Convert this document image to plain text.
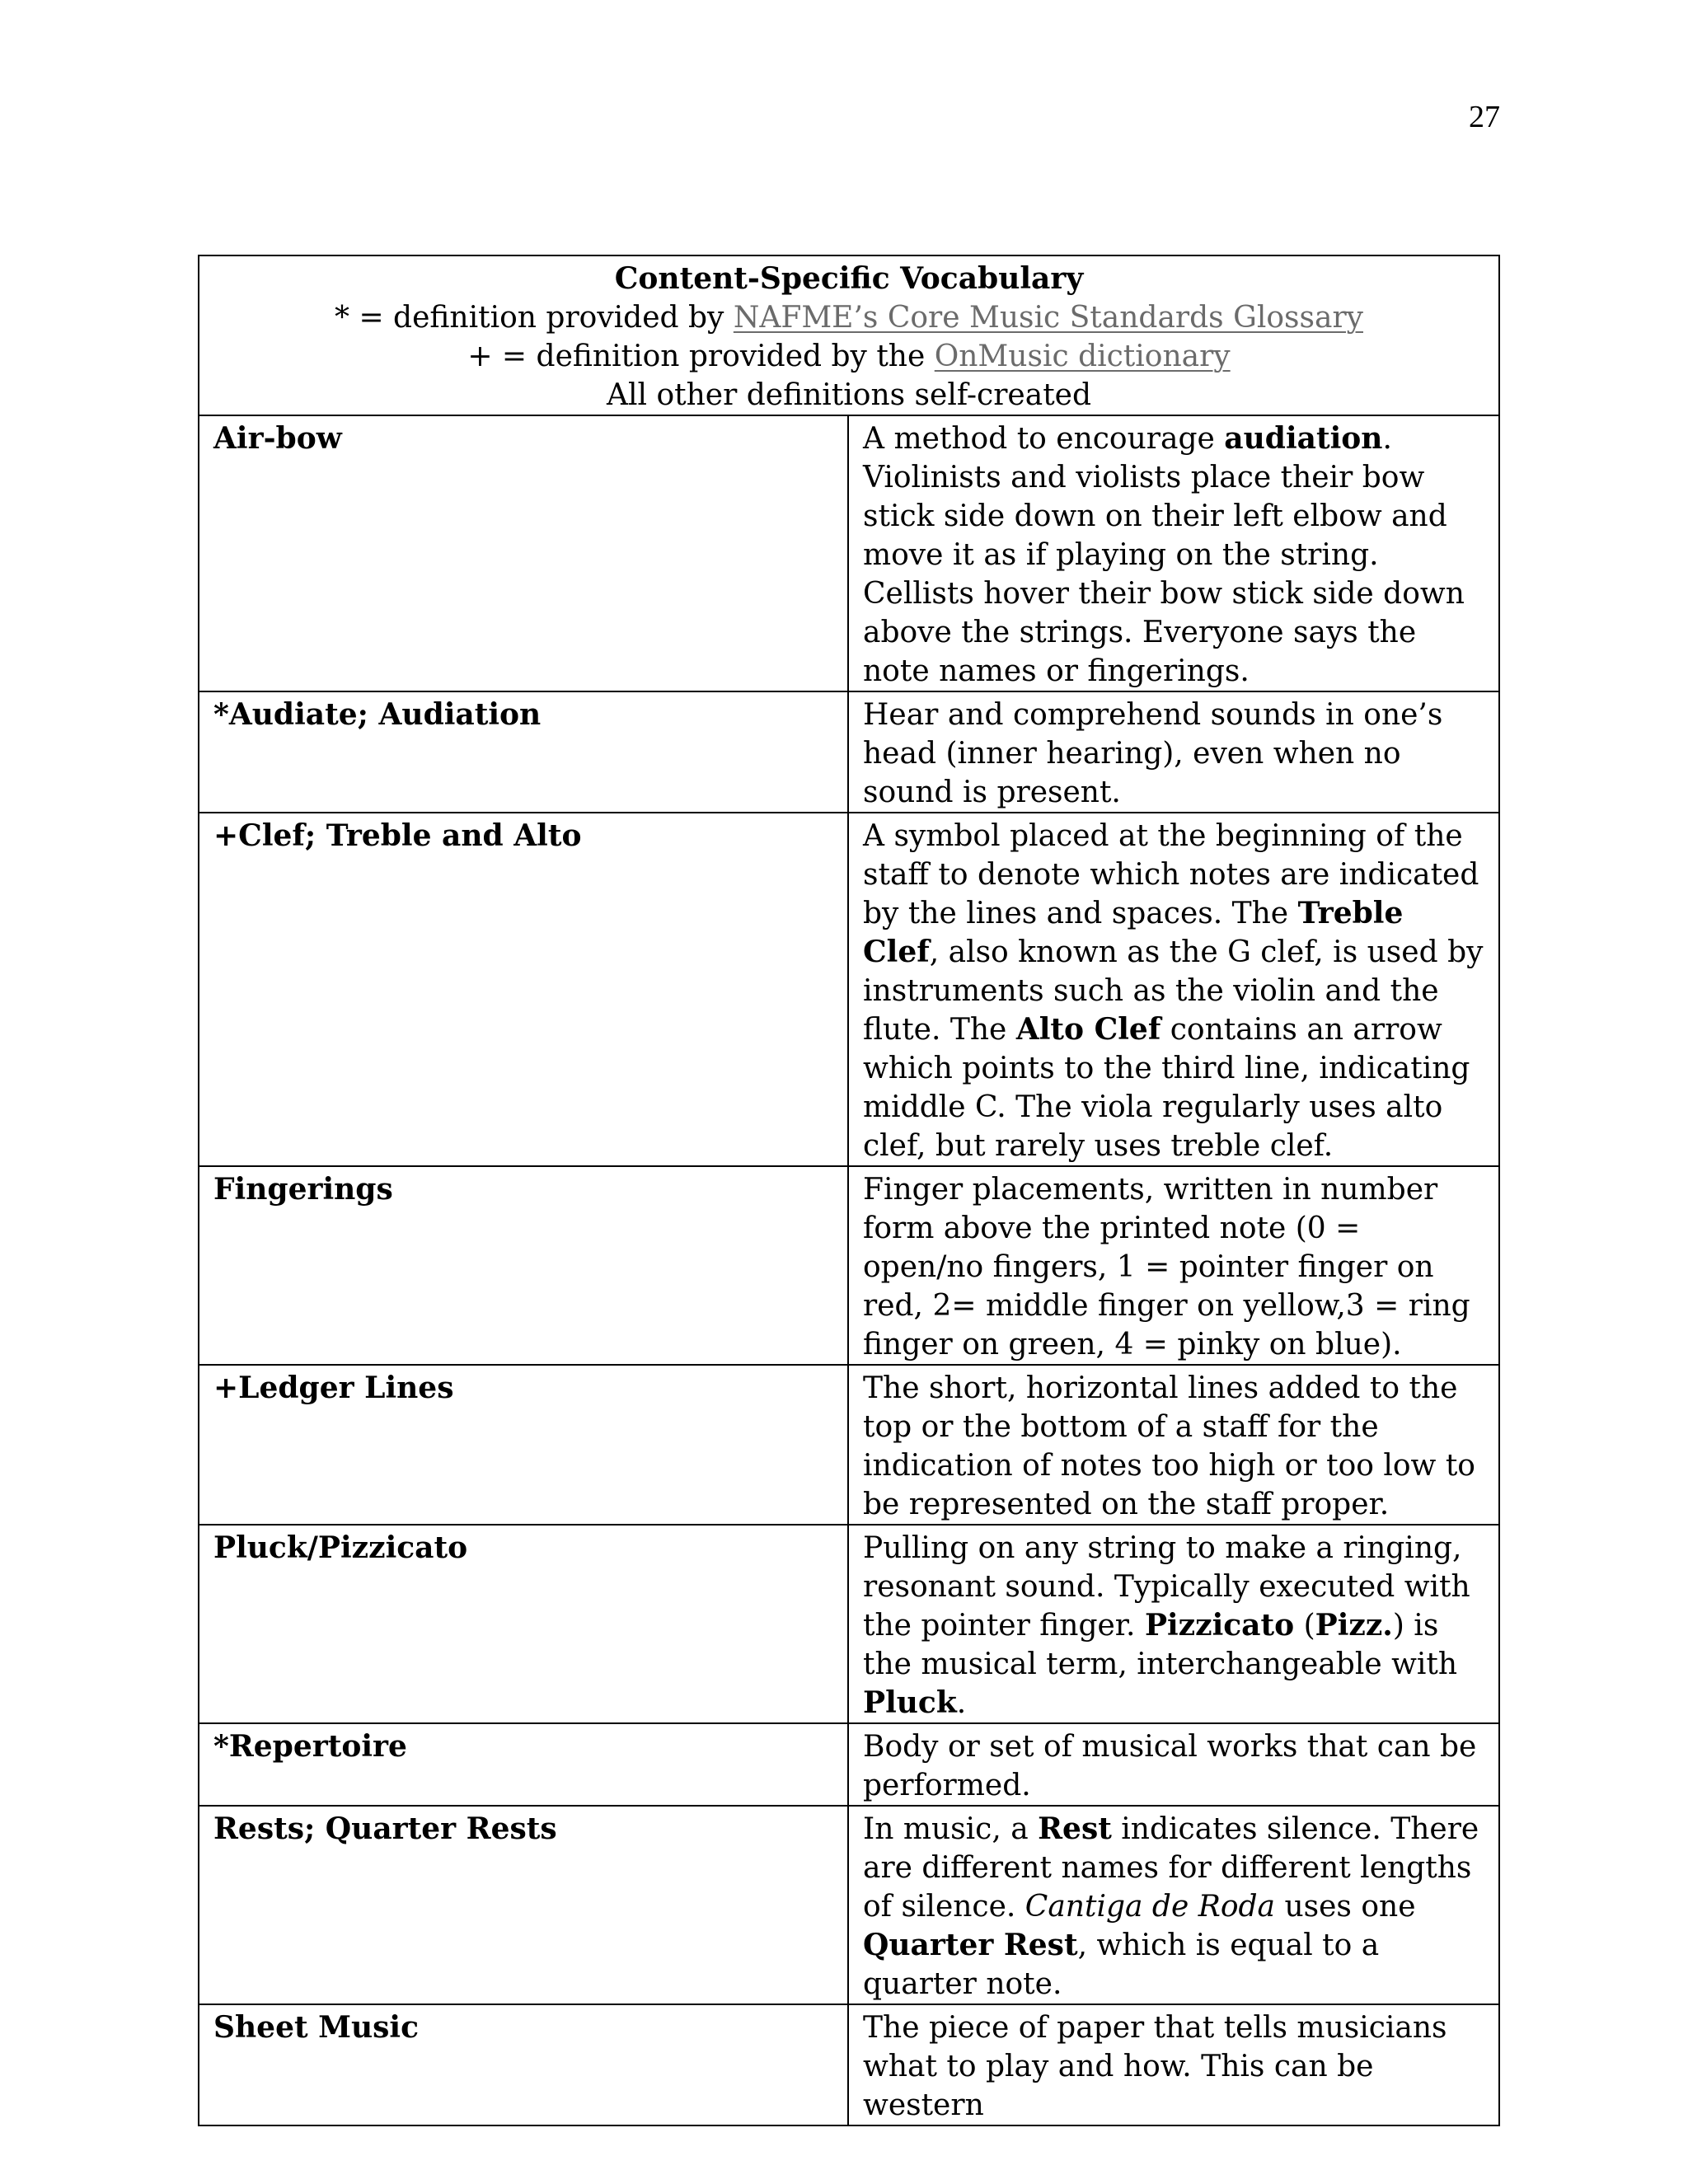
27
Content-Specific Vocabulary
* = definition provided by NAFME’s Core Music Standards Glossary
+ = definition provided by the OnMusic dictionary
All other definitions self-created	

Air-bow	A method to encourage audiation. Violinists and violists place their bow stick side down on their left elbow and move it as if playing on the string. Cellists hover their bow stick side down above the strings. Everyone says the note names or fingerings.
*Audiate; Audiation	Hear and comprehend sounds in one’s head (inner hearing), even when no sound is present.
+Clef; Treble and Alto	A symbol placed at the beginning of the staff to denote which notes are indicated by the lines and spaces. The Treble Clef, also known as the G clef, is used by instruments such as the violin and the flute. The Alto Clef contains an arrow which points to the third line, indicating middle C. The viola regularly uses alto clef, but rarely uses treble clef.
Fingerings	Finger placements, written in number form above the printed note (0 = open/no fingers, 1 = pointer finger on red, 2= middle finger on yellow,3 = ring finger on green, 4 = pinky on blue).
+Ledger Lines	The short, horizontal lines added to the top or the bottom of a staff for the indication of notes too high or too low to be represented on the staff proper.
Pluck/Pizzicato	Pulling on any string to make a ringing, resonant sound. Typically executed with the pointer finger. Pizzicato (Pizz.) is the musical term, interchangeable with Pluck.
*Repertoire	Body or set of musical works that can be performed.
Rests; Quarter Rests	In music, a Rest indicates silence. There are different names for different lengths of silence. Cantiga de Roda uses one Quarter Rest, which is equal to a quarter note.
Sheet Music	The piece of paper that tells musicians what to play and how. This can be western
